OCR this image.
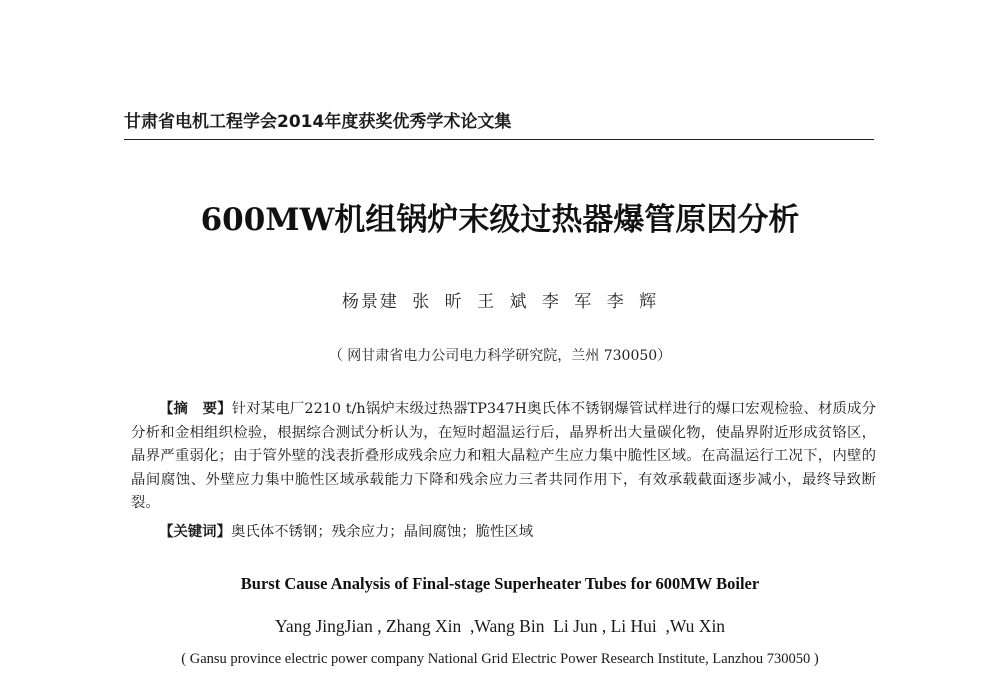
甘肃省电机工程学会2014年度获奖优秀学术论文集
600MW机组锅炉末级过热器爆管原因分析
杨景建 张 昕 王 斌 李 军 李 辉
（ 网甘肃省电力公司电力科学研究院，兰州 730050）
【摘　要】针对某电厂2210 t/h锅炉末级过热器TP347H奥氏体不锈钢爆管试样进行的爆口宏观检验、材质成分分析和金相组织检验，根据综合测试分析认为，在短时超温运行后，晶界析出大量碳化物，使晶界附近形成贫铬区，晶界严重弱化；由于管外壁的浅表折叠形成残余应力和粗大晶粒产生应力集中脆性区域。在高温运行工况下，内壁的晶间腐蚀、外壁应力集中脆性区域承载能力下降和残余应力三者共同作用下，有效承载截面逐步减小，最终导致断裂。
【关键词】奥氏体不锈钢；残余应力；晶间腐蚀；脆性区域
Burst Cause Analysis of Final-stage Superheater Tubes for 600MW Boiler
Yang JingJian , Zhang Xin  ,Wang Bin  Li Jun , Li Hui  ,Wu Xin
( Gansu province electric power company National Grid Electric Power Research Institute, Lanzhou 730050 )
